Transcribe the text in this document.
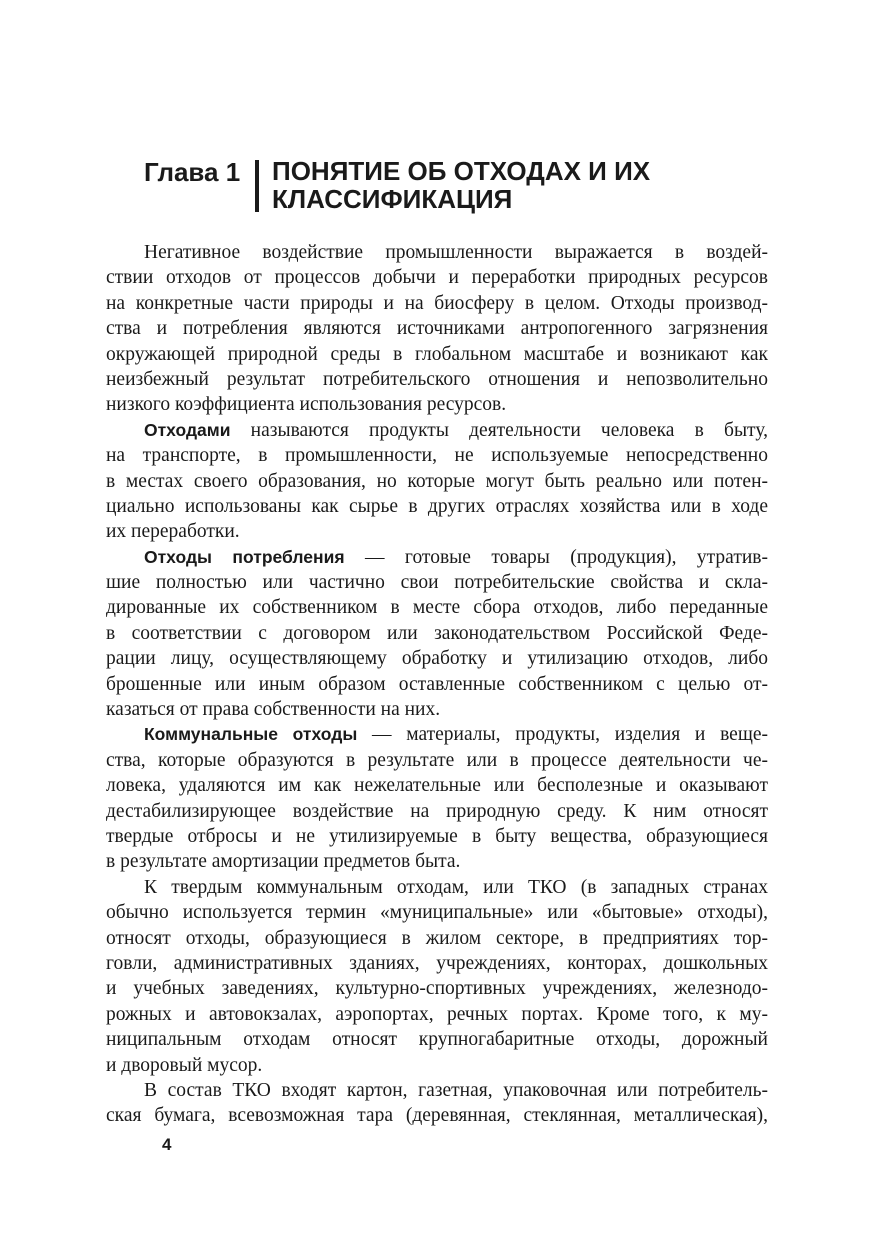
Глава 1 ПОНЯТИЕ ОБ ОТХОДАХ И ИХ
КЛАССИФИКАЦИЯ
Негативное воздействие промышленности выражается в воздей-
ствии отходов от процессов добычи и переработки природных ресурсов
на конкретные части природы и на биосферу в целом. Отходы производ-
ства и потребления являются источниками антропогенного загрязнения
окружающей природной среды в глобальном масштабе и возникают как
неизбежный результат потребительского отношения и непозволительно
низкого коэффициента использования ресурсов.
Отходами называются продукты деятельности человека в быту,
на транспорте, в промышленности, не используемые непосредственно
в местах своего образования, но которые могут быть реально или потен-
циально использованы как сырье в других отраслях хозяйства или в ходе
их переработки.
Отходы потребления — готовые товары (продукция), утратив-
шие полностью или частично свои потребительские свойства и скла-
дированные их собственником в месте сбора отходов, либо переданные
в соответствии с договором или законодательством Российской Феде-
рации лицу, осуществляющему обработку и утилизацию отходов, либо
брошенные или иным образом оставленные собственником с целью от-
казаться от права собственности на них.
Коммунальные отходы — материалы, продукты, изделия и веще-
ства, которые образуются в результате или в процессе деятельности че-
ловека, удаляются им как нежелательные или бесполезные и оказывают
дестабилизирующее воздействие на природную среду. К ним относят
твердые отбросы и не утилизируемые в быту вещества, образующиеся
в результате амортизации предметов быта.
К твердым коммунальным отходам, или ТКО (в западных странах
обычно используется термин «муниципальные» или «бытовые» отходы),
относят отходы, образующиеся в жилом секторе, в предприятиях тор-
говли, административных зданиях, учреждениях, конторах, дошкольных
и учебных заведениях, культурно-спортивных учреждениях, железнодо-
рожных и автовокзалах, аэропортах, речных портах. Кроме того, к му-
ниципальным отходам относят крупногабаритные отходы, дорожный
и дворовый мусор.
В состав ТКО входят картон, газетная, упаковочная или потребитель-
ская бумага, всевозможная тара (деревянная, стеклянная, металлическая),
4
